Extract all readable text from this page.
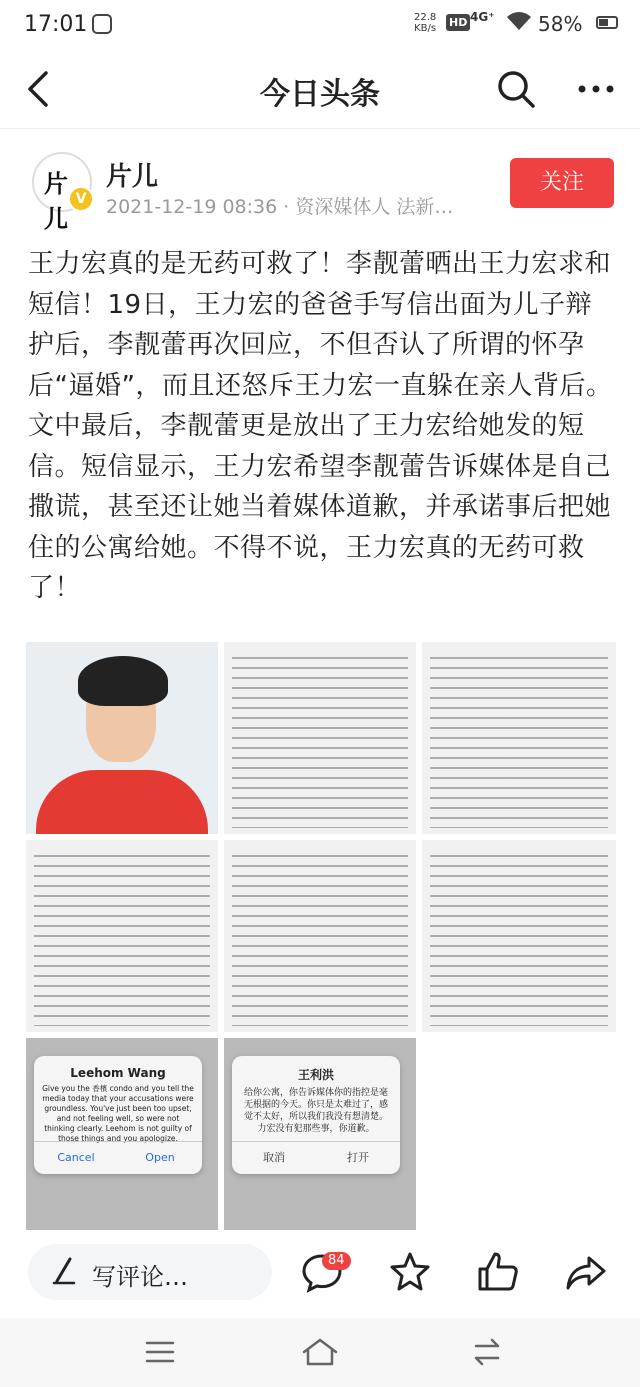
17:01	22.8
KB/s HD 4G⁺ 58%
今日头条
片儿
V
片儿
2021-12-19 08:36 · 资深媒体人 法新…
关注
王力宏真的是无药可救了！李靓蕾晒出王力宏求和短信！19日，王力宏的爸爸手写信出面为儿子辩护后，李靓蕾再次回应，不但否认了所谓的怀孕后“逼婚”，而且还怒斥王力宏一直躲在亲人背后。文中最后，李靓蕾更是放出了王力宏给她发的短信。短信显示，王力宏希望李靓蕾告诉媒体是自己撒谎，甚至还让她当着媒体道歉，并承诺事后把她住的公寓给她。不得不说，王力宏真的无药可救了！
Leehom Wang
Give you the 香檳 condo and you tell the media today that your accusations were groundless. You've just been too upset, and not feeling well, so were not thinking clearly. Leehom is not guilty of those things and you apologize.
Cancel	Open
王利洪
给你公寓，你告诉媒体你的指控是毫无根据的今天。你只是太难过了，感觉不太好，所以我们我没有想清楚。力宏没有犯那些事，你道歉。
取消	打开
写评论…
84
